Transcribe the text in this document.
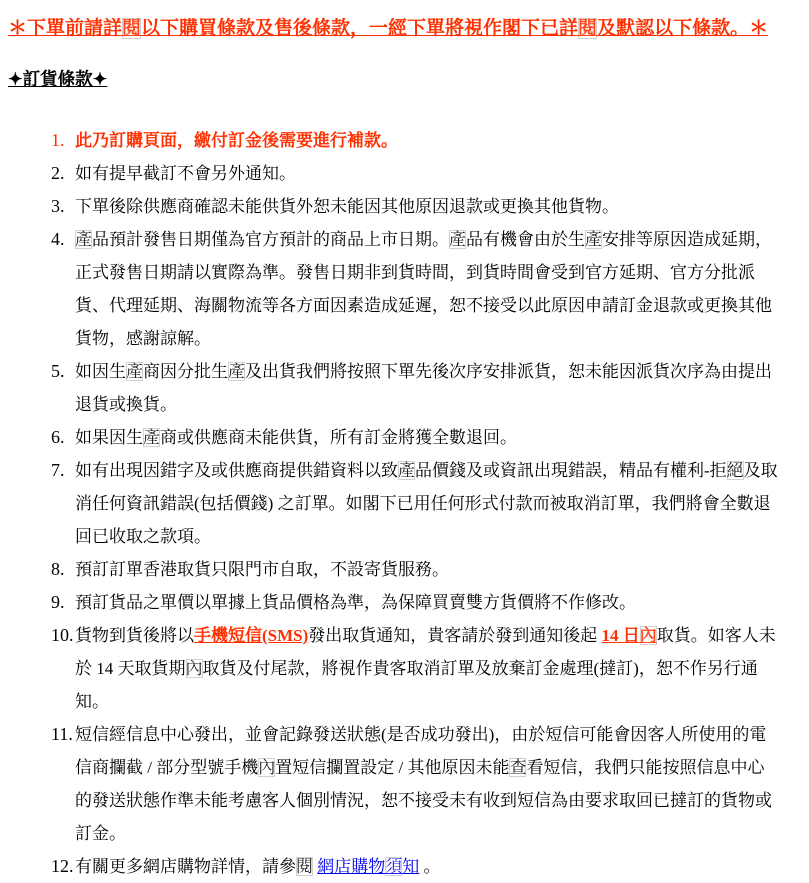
＊下單前請詳閱以下購買條款及售後條款，一經下單將視作閣下已詳閱及默認以下條款。＊
✦訂貨條款✦
此乃訂購頁面，繳付訂金後需要進行補款。
如有提早截訂不會另外通知。
下單後除供應商確認未能供貨外恕未能因其他原因退款或更換其他貨物。
產品預計發售日期僅為官方預計的商品上市日期。產品有機會由於生產安排等原因造成延期，正式發售日期請以實際為準。發售日期非到貨時間，到貨時間會受到官方延期、官方分批派貨、代理延期、海關物流等各方面因素造成延遲，恕不接受以此原因申請訂金退款或更換其他貨物，感謝諒解。
如因生產商因分批生產及出貨我們將按照下單先後次序安排派貨，恕未能因派貨次序為由提出退貨或換貨。
如果因生產商或供應商未能供貨，所有訂金將獲全數退回。
如有出現因錯字及或供應商提供錯資料以致產品價錢及或資訊出現錯誤，精品有權利-拒絕及取消任何資訊錯誤(包括價錢) 之訂單。如閣下已用任何形式付款而被取消訂單，我們將會全數退回已收取之款項。
預訂訂單香港取貨只限門市自取，不設寄貨服務。
預訂貨品之單價以單據上貨品價格為準，為保障買賣雙方貨價將不作修改。
貨物到貨後將以手機短信(SMS)發出取貨通知，貴客請於發到通知後起 14 日內取貨。如客人未於 14 天取貨期內取貨及付尾款，將視作貴客取消訂單及放棄訂金處理(撻訂)，恕不作另行通知。
短信經信息中心發出，並會記錄發送狀態(是否成功發出)，由於短信可能會因客人所使用的電信商攔截 / 部分型號手機內置短信攔置設定 / 其他原因未能查看短信，我們只能按照信息中心的發送狀態作準未能考慮客人個別情況，恕不接受未有收到短信為由要求取回已撻訂的貨物或訂金。
有關更多網店購物詳情，請參閱 網店購物須知 。
